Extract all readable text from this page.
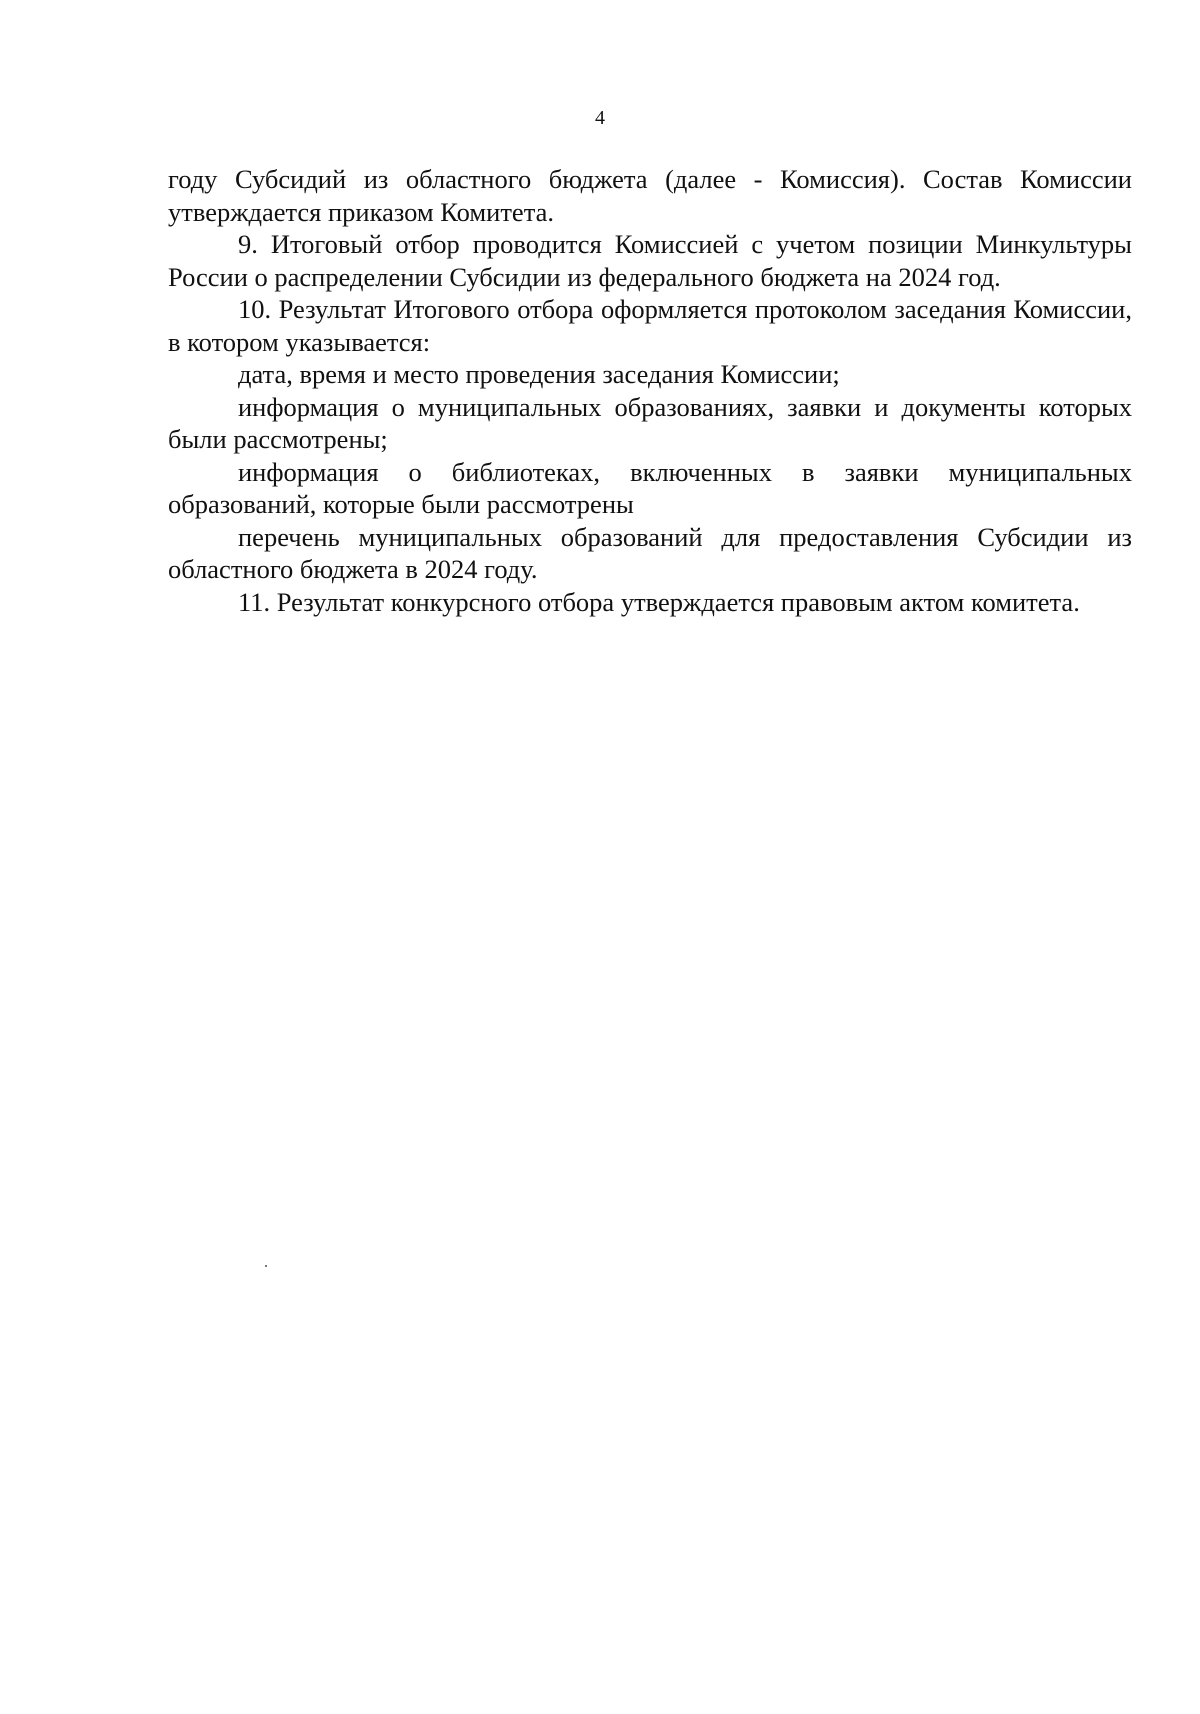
4

году Субсидий из областного бюджета (далее - Комиссия). Состав Комиссии утверждается приказом Комитета.

9. Итоговый отбор проводится Комиссией с учетом позиции Минкультуры России о распределении Субсидии из федерального бюджета на 2024 год.

10. Результат Итогового отбора оформляется протоколом заседания Комиссии, в котором указывается:

дата, время и место проведения заседания Комиссии;

информация о муниципальных образованиях, заявки и документы которых были рассмотрены;

информация о библиотеках, включенных в заявки муниципальных образований, которые были рассмотрены

перечень муниципальных образований для предоставления Субсидии из областного бюджета в 2024 году.

11. Результат конкурсного отбора утверждается правовым актом комитета.
